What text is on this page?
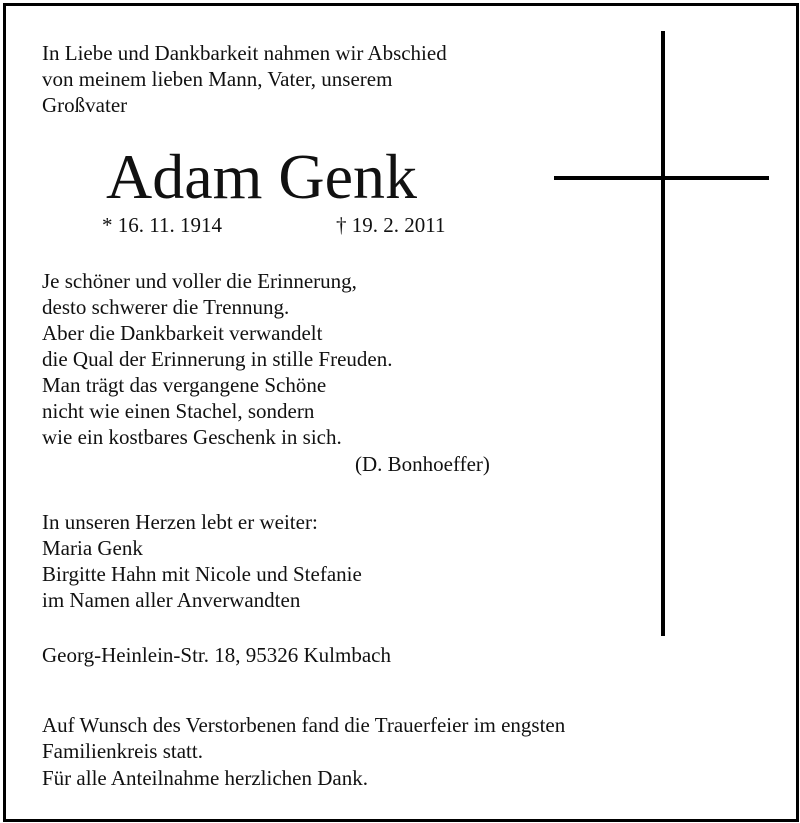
In Liebe und Dankbarkeit nahmen wir Abschied
von meinem lieben Mann, Vater, unserem
Großvater
Adam Genk
* 16. 11. 1914	† 19. 2. 2011
Je schöner und voller die Erinnerung,
desto schwerer die Trennung.
Aber die Dankbarkeit verwandelt
die Qual der Erinnerung in stille Freuden.
Man trägt das vergangene Schöne
nicht wie einen Stachel, sondern
wie ein kostbares Geschenk in sich.
(D. Bonhoeffer)
In unseren Herzen lebt er weiter:
Maria Genk
Birgitte Hahn mit Nicole und Stefanie
im Namen aller Anverwandten
Georg-Heinlein-Str. 18, 95326 Kulmbach
Auf Wunsch des Verstorbenen fand die Trauerfeier im engsten
Familienkreis statt.
Für alle Anteilnahme herzlichen Dank.
